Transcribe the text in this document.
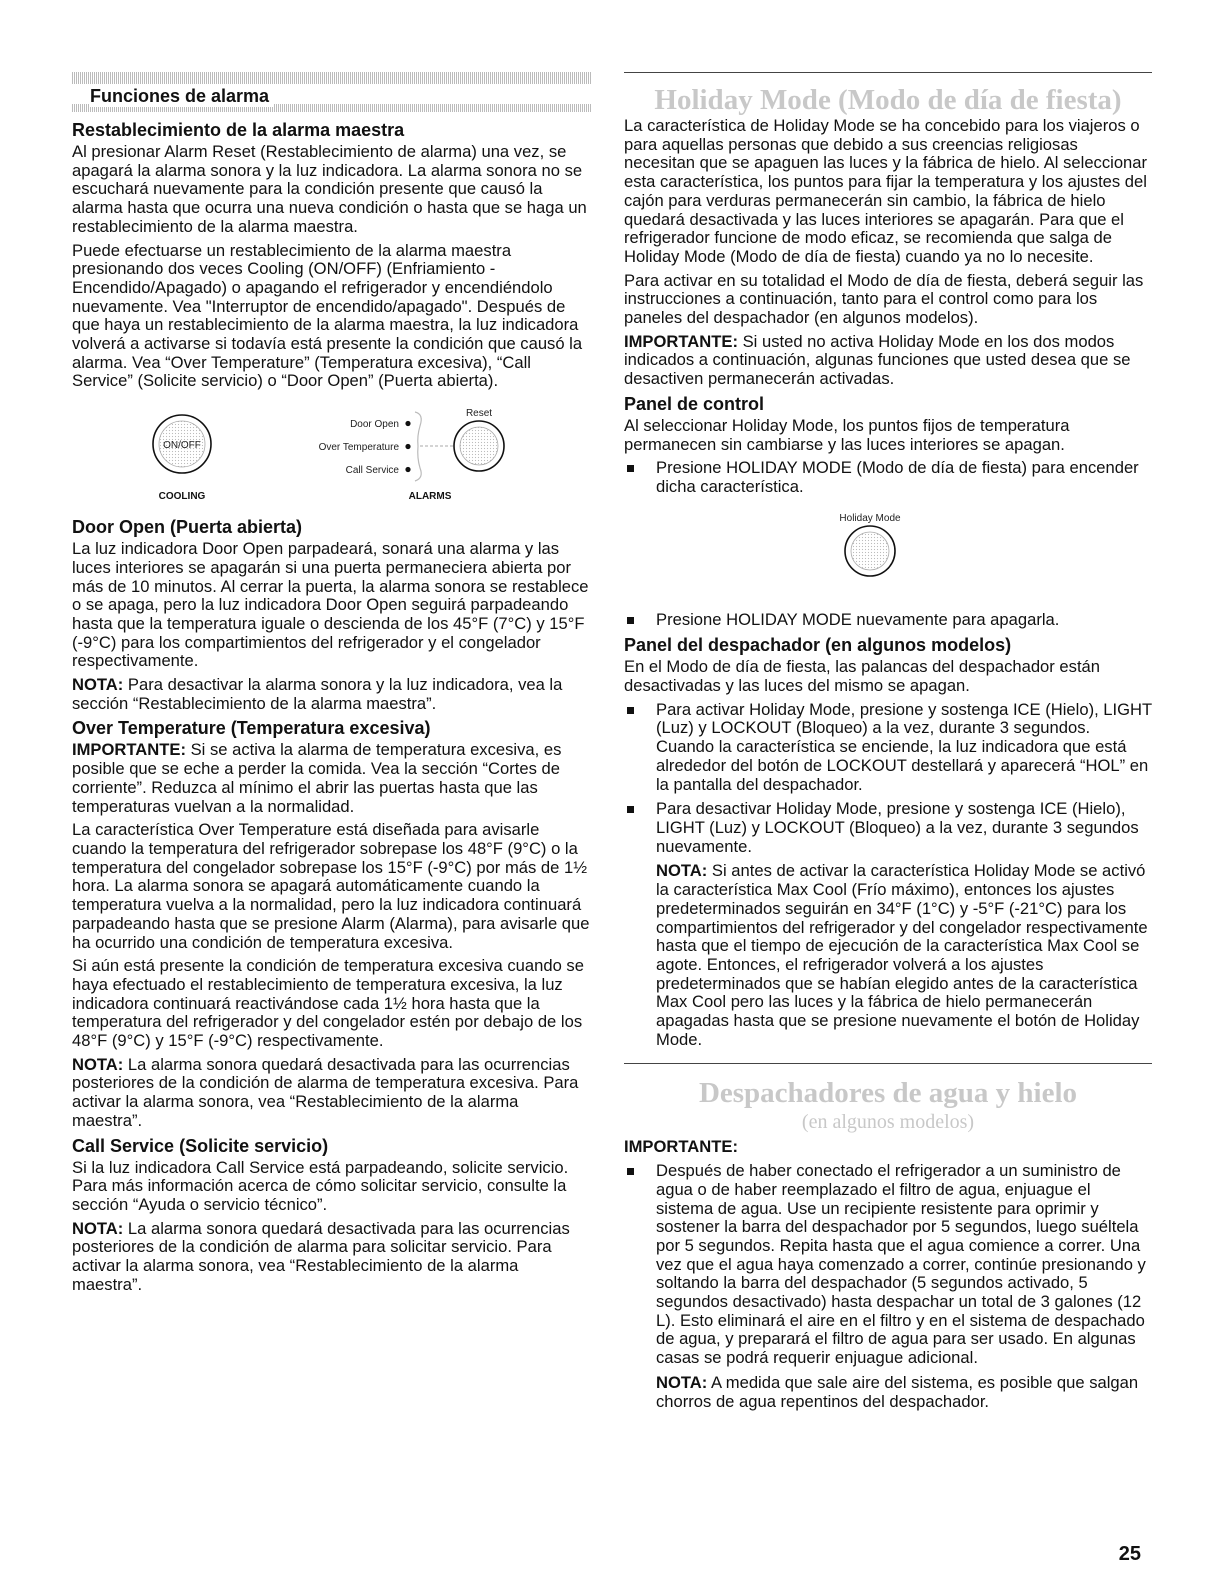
Funciones de alarma
Restablecimiento de la alarma maestra

Al presionar Alarm Reset (Restablecimiento de alarma) una vez, se apagará la alarma sonora y la luz indicadora. La alarma sonora no se escuchará nuevamente para la condición presente que causó la alarma hasta que ocurra una nueva condición o hasta que se haga un restablecimiento de la alarma maestra.

Puede efectuarse un restablecimiento de la alarma maestra presionando dos veces Cooling (ON/OFF) (Enfriamiento - Encendido/Apagado) o apagando el refrigerador y encendiéndolo nuevamente. Vea "Interruptor de encendido/apagado". Después de que haya un restablecimiento de la alarma maestra, la luz indicadora volverá a activarse si todavía está presente la condición que causó la alarma. Vea “Over Temperature” (Temperatura excesiva), “Call Service” (Solicite servicio) o “Door Open” (Puerta abierta).

ON/OFF
COOLING
Door Open
Over Temperature
Call Service
Reset
ALARMS
Door Open (Puerta abierta)

La luz indicadora Door Open parpadeará, sonará una alarma y las luces interiores se apagarán si una puerta permaneciera abierta por más de 10 minutos. Al cerrar la puerta, la alarma sonora se restablece o se apaga, pero la luz indicadora Door Open seguirá parpadeando hasta que la temperatura iguale o descienda de los 45°F (7°C) y 15°F (-9°C) para los compartimientos del refrigerador y el congelador respectivamente.

NOTA: Para desactivar la alarma sonora y la luz indicadora, vea la sección “Restablecimiento de la alarma maestra”.

Over Temperature (Temperatura excesiva)

IMPORTANTE: Si se activa la alarma de temperatura excesiva, es posible que se eche a perder la comida. Vea la sección “Cortes de corriente”. Reduzca al mínimo el abrir las puertas hasta que las temperaturas vuelvan a la normalidad.

La característica Over Temperature está diseñada para avisarle cuando la temperatura del refrigerador sobrepase los 48°F (9°C) o la temperatura del congelador sobrepase los 15°F (-9°C) por más de 1½ hora. La alarma sonora se apagará automáticamente cuando la temperatura vuelva a la normalidad, pero la luz indicadora continuará parpadeando hasta que se presione Alarm (Alarma), para avisarle que ha ocurrido una condición de temperatura excesiva.

Si aún está presente la condición de temperatura excesiva cuando se haya efectuado el restablecimiento de temperatura excesiva, la luz indicadora continuará reactivándose cada 1½ hora hasta que la temperatura del refrigerador y del congelador estén por debajo de los 48°F (9°C) y 15°F (-9°C) respectivamente.

NOTA: La alarma sonora quedará desactivada para las ocurrencias posteriores de la condición de alarma de temperatura excesiva. Para activar la alarma sonora, vea “Restablecimiento de la alarma maestra”.

Call Service (Solicite servicio)

Si la luz indicadora Call Service está parpadeando, solicite servicio. Para más información acerca de cómo solicitar servicio, consulte la sección “Ayuda o servicio técnico”.

NOTA: La alarma sonora quedará desactivada para las ocurrencias posteriores de la condición de alarma para solicitar servicio. Para activar la alarma sonora, vea “Restablecimiento de la alarma maestra”.

Holiday Mode (Modo de día de fiesta)

La característica de Holiday Mode se ha concebido para los viajeros o para aquellas personas que debido a sus creencias religiosas necesitan que se apaguen las luces y la fábrica de hielo. Al seleccionar esta característica, los puntos para fijar la temperatura y los ajustes del cajón para verduras permanecerán sin cambio, la fábrica de hielo quedará desactivada y las luces interiores se apagarán. Para que el refrigerador funcione de modo eficaz, se recomienda que salga de Holiday Mode (Modo de día de fiesta) cuando ya no lo necesite.

Para activar en su totalidad el Modo de día de fiesta, deberá seguir las instrucciones a continuación, tanto para el control como para los paneles del despachador (en algunos modelos).

IMPORTANTE: Si usted no activa Holiday Mode en los dos modos indicados a continuación, algunas funciones que usted desea que se desactiven permanecerán activadas.

Panel de control

Al seleccionar Holiday Mode, los puntos fijos de temperatura permanecen sin cambiarse y las luces interiores se apagan.

Presione HOLIDAY MODE (Modo de día de fiesta) para encender dicha característica.
Holiday Mode
Presione HOLIDAY MODE nuevamente para apagarla.
Panel del despachador (en algunos modelos)

En el Modo de día de fiesta, las palancas del despachador están desactivadas y las luces del mismo se apagan.

Para activar Holiday Mode, presione y sostenga ICE (Hielo), LIGHT (Luz) y LOCKOUT (Bloqueo) a la vez, durante 3 segundos. Cuando la característica se enciende, la luz indicadora que está alrededor del botón de LOCKOUT destellará y aparecerá “HOL” en la pantalla del despachador.
Para desactivar Holiday Mode, presione y sostenga ICE (Hielo), LIGHT (Luz) y LOCKOUT (Bloqueo) a la vez, durante 3 segundos nuevamente.

NOTA: Si antes de activar la característica Holiday Mode se activó la característica Max Cool (Frío máximo), entonces los ajustes predeterminados seguirán en 34°F (1°C) y -5°F (-21°C) para los compartimientos del refrigerador y del congelador respectivamente hasta que el tiempo de ejecución de la característica Max Cool se agote. Entonces, el refrigerador volverá a los ajustes predeterminados que se habían elegido antes de la característica Max Cool pero las luces y la fábrica de hielo permanecerán apagadas hasta que se presione nuevamente el botón de Holiday Mode.

Despachadores de agua y hielo
(en algunos modelos)

IMPORTANTE:

Después de haber conectado el refrigerador a un suministro de agua o de haber reemplazado el filtro de agua, enjuague el sistema de agua. Use un recipiente resistente para oprimir y sostener la barra del despachador por 5 segundos, luego suéltela por 5 segundos. Repita hasta que el agua comience a correr. Una vez que el agua haya comenzado a correr, continúe presionando y soltando la barra del despachador (5 segundos activado, 5 segundos desactivado) hasta despachar un total de 3 galones (12 L). Esto eliminará el aire en el filtro y en el sistema de despachado de agua, y preparará el filtro de agua para ser usado. En algunas casas se podrá requerir enjuague adicional.

NOTA: A medida que sale aire del sistema, es posible que salgan chorros de agua repentinos del despachador.

25
